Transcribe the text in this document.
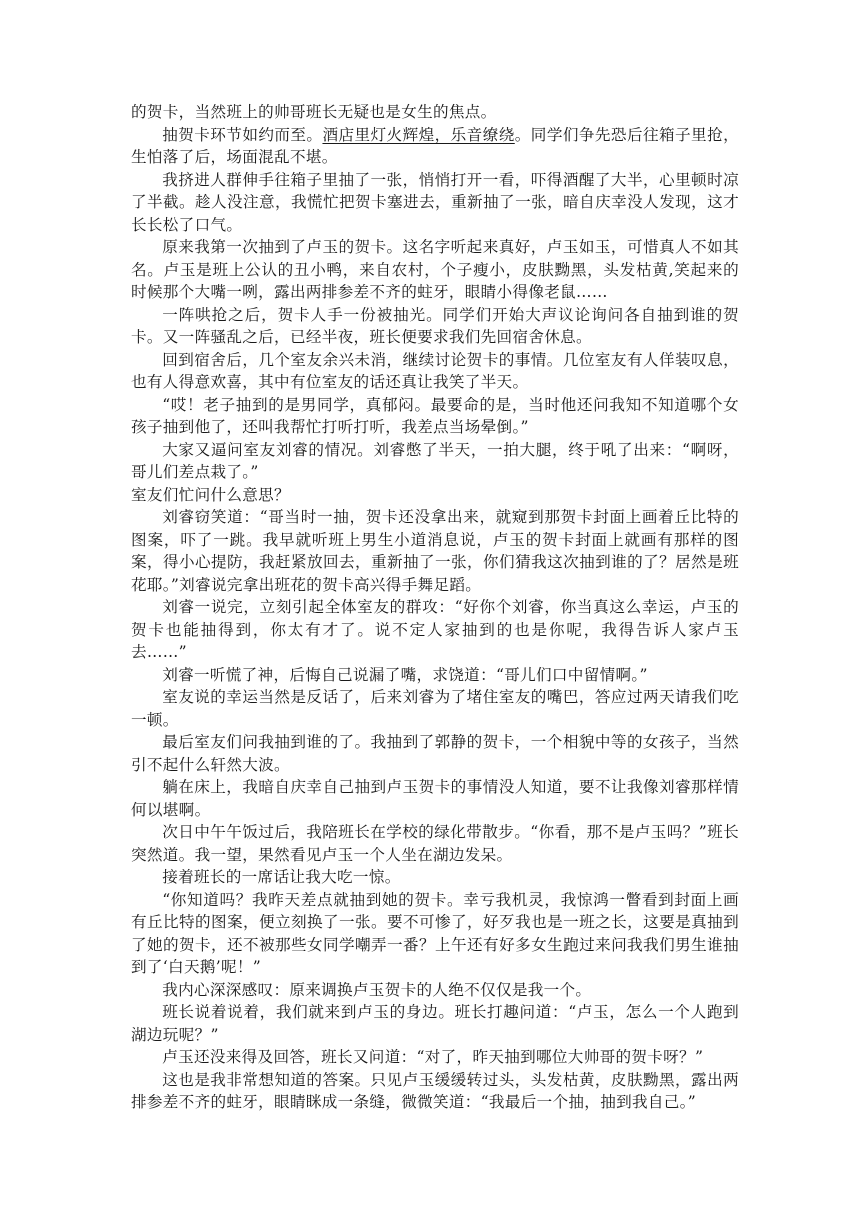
的贺卡，当然班上的帅哥班长无疑也是女生的焦点。

抽贺卡环节如约而至。酒店里灯火辉煌，乐音缭绕。同学们争先恐后往箱子里抢，生怕落了后，场面混乱不堪。

我挤进人群伸手往箱子里抽了一张，悄悄打开一看，吓得酒醒了大半，心里顿时凉了半截。趁人没注意，我慌忙把贺卡塞进去，重新抽了一张，暗自庆幸没人发现，这才长长松了口气。

原来我第一次抽到了卢玉的贺卡。这名字听起来真好，卢玉如玉，可惜真人不如其名。卢玉是班上公认的丑小鸭，来自农村，个子瘦小，皮肤黝黑，头发枯黄,笑起来的时候那个大嘴一咧，露出两排参差不齐的蛀牙，眼睛小得像老鼠……

一阵哄抢之后，贺卡人手一份被抽光。同学们开始大声议论询问各自抽到谁的贺卡。又一阵骚乱之后，已经半夜，班长便要求我们先回宿舍休息。

回到宿舍后，几个室友余兴未消，继续讨论贺卡的事情。几位室友有人佯装叹息，也有人得意欢喜，其中有位室友的话还真让我笑了半天。

“哎！老子抽到的是男同学，真郁闷。最要命的是，当时他还问我知不知道哪个女孩子抽到他了，还叫我帮忙打听打听，我差点当场晕倒。”

大家又逼问室友刘睿的情况。刘睿憋了半天，一拍大腿，终于吼了出来：“啊呀，哥儿们差点栽了。”

室友们忙问什么意思？

刘睿窃笑道：“哥当时一抽，贺卡还没拿出来，就窥到那贺卡封面上画着丘比特的图案，吓了一跳。我早就听班上男生小道消息说，卢玉的贺卡封面上就画有那样的图案，得小心提防，我赶紧放回去，重新抽了一张，你们猜我这次抽到谁的了？居然是班花耶。”刘睿说完拿出班花的贺卡高兴得手舞足蹈。

刘睿一说完，立刻引起全体室友的群攻：“好你个刘睿，你当真这么幸运，卢玉的贺卡也能抽得到，你太有才了。说不定人家抽到的也是你呢，我得告诉人家卢玉去……”

刘睿一听慌了神，后悔自己说漏了嘴，求饶道：“哥儿们口中留情啊。”

室友说的幸运当然是反话了，后来刘睿为了堵住室友的嘴巴，答应过两天请我们吃一顿。

最后室友们问我抽到谁的了。我抽到了郭静的贺卡，一个相貌中等的女孩子，当然引不起什么轩然大波。

躺在床上，我暗自庆幸自己抽到卢玉贺卡的事情没人知道，要不让我像刘睿那样情何以堪啊。

次日中午午饭过后，我陪班长在学校的绿化带散步。“你看，那不是卢玉吗？”班长突然道。我一望，果然看见卢玉一个人坐在湖边发呆。

接着班长的一席话让我大吃一惊。

“你知道吗？我昨天差点就抽到她的贺卡。幸亏我机灵，我惊鸿一瞥看到封面上画有丘比特的图案，便立刻换了一张。要不可惨了，好歹我也是一班之长，这要是真抽到了她的贺卡，还不被那些女同学嘲弄一番？上午还有好多女生跑过来问我我们男生谁抽到了‘白天鹅’呢！”

我内心深深感叹：原来调换卢玉贺卡的人绝不仅仅是我一个。

班长说着说着，我们就来到卢玉的身边。班长打趣问道：“卢玉，怎么一个人跑到湖边玩呢？”

卢玉还没来得及回答，班长又问道：“对了，昨天抽到哪位大帅哥的贺卡呀？”

这也是我非常想知道的答案。只见卢玉缓缓转过头，头发枯黄，皮肤黝黑，露出两排参差不齐的蛀牙，眼睛眯成一条缝，微微笑道：“我最后一个抽，抽到我自己。”
